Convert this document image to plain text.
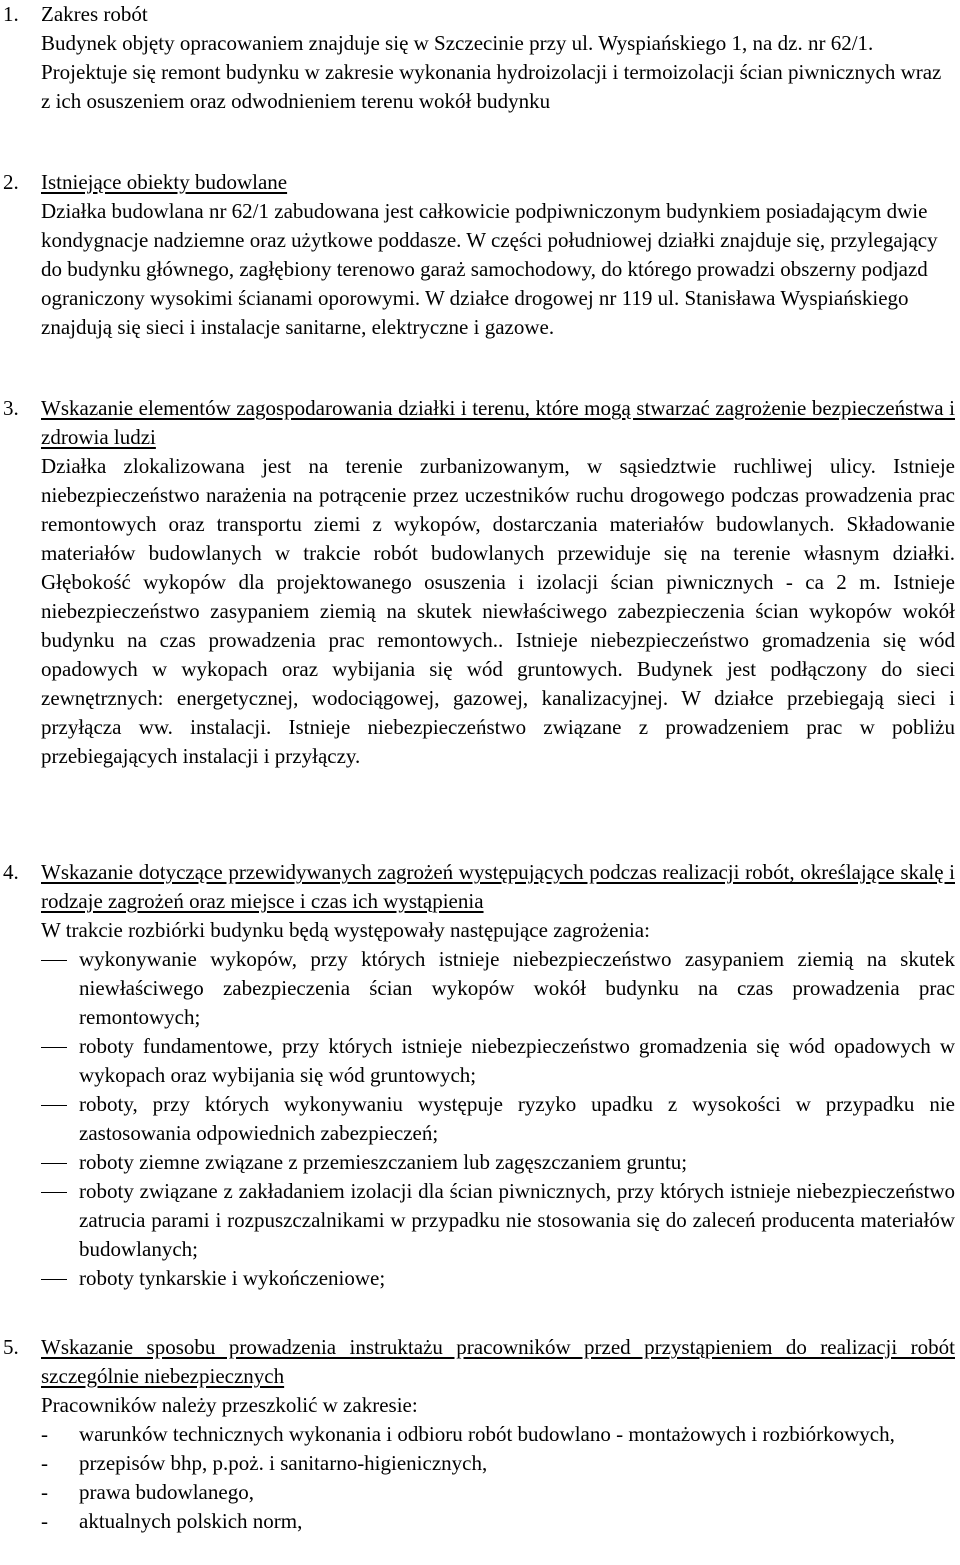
1. Zakres robót

Budynek objęty opracowaniem znajduje się w Szczecinie przy ul. Wyspiańskiego 1, na dz. nr 62/1. Projektuje się remont budynku w zakresie wykonania hydroizolacji i termoizolacji ścian piwnicznych wraz z ich osuszeniem oraz odwodnieniem terenu wokół budynku

2. Istniejące obiekty budowlane

Działka budowlana nr 62/1 zabudowana jest całkowicie podpiwniczonym budynkiem posiadającym dwie kondygnacje nadziemne oraz użytkowe poddasze. W części południowej działki znajduje się, przylegający do budynku głównego, zagłębiony terenowo garaż samochodowy, do którego prowadzi obszerny podjazd ograniczony wysokimi ścianami oporowymi. W działce drogowej nr 119 ul. Stanisława Wyspiańskiego znajdują się sieci i instalacje sanitarne, elektryczne i gazowe.

3. Wskazanie elementów zagospodarowania działki i terenu, które mogą stwarzać zagrożenie bezpieczeństwa i zdrowia ludzi

Działka zlokalizowana jest na terenie zurbanizowanym, w sąsiedztwie ruchliwej ulicy. Istnieje niebezpieczeństwo narażenia na potrącenie przez uczestników ruchu drogowego podczas prowadzenia prac remontowych oraz transportu ziemi z wykopów, dostarczania materiałów budowlanych. Składowanie materiałów budowlanych w trakcie robót budowlanych przewiduje się na terenie własnym działki. Głębokość wykopów dla projektowanego osuszenia i izolacji ścian piwnicznych - ca 2 m. Istnieje niebezpieczeństwo zasypaniem ziemią na skutek niewłaściwego zabezpieczenia ścian wykopów wokół budynku na czas prowadzenia prac remontowych.. Istnieje niebezpieczeństwo gromadzenia się wód opadowych w wykopach oraz wybijania się wód gruntowych. Budynek jest podłączony do sieci zewnętrznych: energetycznej, wodociągowej, gazowej, kanalizacyjnej. W działce przebiegają sieci i przyłącza ww. instalacji. Istnieje niebezpieczeństwo związane z prowadzeniem prac w pobliżu przebiegających instalacji i przyłączy.

4. Wskazanie dotyczące przewidywanych zagrożeń występujących podczas realizacji robót, określające skalę i rodzaje zagrożeń oraz miejsce i czas ich wystąpienia

W trakcie rozbiórki budynku będą występowały następujące zagrożenia:

wykonywanie wykopów, przy których istnieje niebezpieczeństwo zasypaniem ziemią na skutek niewłaściwego zabezpieczenia ścian wykopów wokół budynku na czas prowadzenia prac remontowych;
roboty fundamentowe, przy których istnieje niebezpieczeństwo gromadzenia się wód opadowych w wykopach oraz wybijania się wód gruntowych;
roboty, przy których wykonywaniu występuje ryzyko upadku z wysokości w przypadku nie zastosowania odpowiednich zabezpieczeń;
roboty ziemne związane z przemieszczaniem lub zagęszczaniem gruntu;
roboty związane z zakładaniem izolacji dla ścian piwnicznych, przy których istnieje niebezpieczeństwo zatrucia parami i rozpuszczalnikami w przypadku nie stosowania się do zaleceń producenta materiałów budowlanych;
roboty tynkarskie i wykończeniowe;
5. Wskazanie sposobu prowadzenia instruktażu pracowników przed przystąpieniem do realizacji robót szczególnie niebezpiecznych

Pracowników należy przeszkolić w zakresie:

- warunków technicznych wykonania i odbioru robót budowlano - montażowych i rozbiórkowych,
- przepisów bhp, p.poż. i sanitarno-higienicznych,
- prawa budowlanego,
- aktualnych polskich norm,
